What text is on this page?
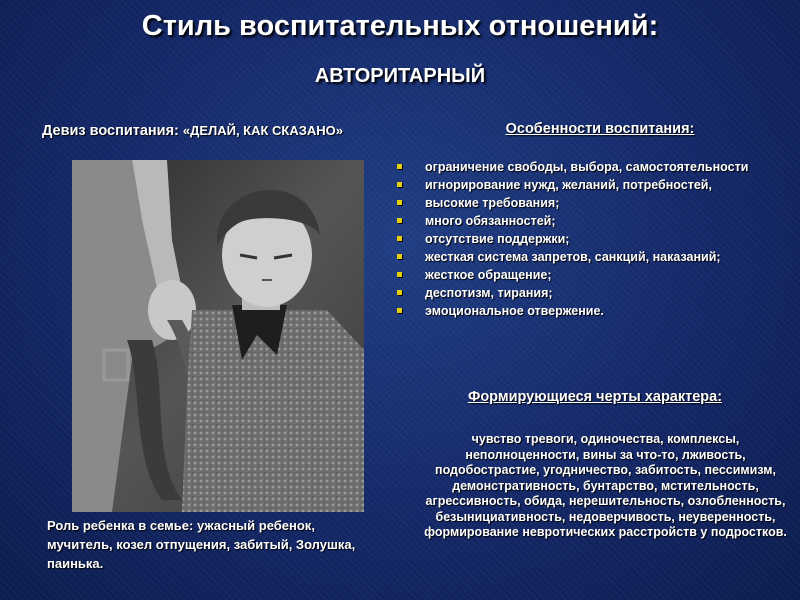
Стиль воспитательных отношений:
АВТОРИТАРНЫЙ
Девиз воспитания: «ДЕЛАЙ, КАК СКАЗАНО»
Роль ребенка в семье: ужасный ребенок, мучитель, козел отпущения, забитый, Золушка, паинька.
Особенности воспитания:
ограничение свободы, выбора, самостоятельности
игнорирование нужд, желаний, потребностей,
высокие требования;
много обязанностей;
отсутствие поддержки;
жесткая система запретов, санкций, наказаний;
жесткое обращение;
деспотизм, тирания;
эмоциональное отвержение.
Формирующиеся черты характера:
чувство тревоги, одиночества, комплексы, неполноценности, вины за что-то, лживость, подобострастие, угодничество, забитость, пессимизм, демонстративность, бунтарство, мстительность, агрессивность, обида, нерешительность, озлобленность, безынициативность, недоверчивость, неуверенность, формирование невротических расстройств у подростков.
